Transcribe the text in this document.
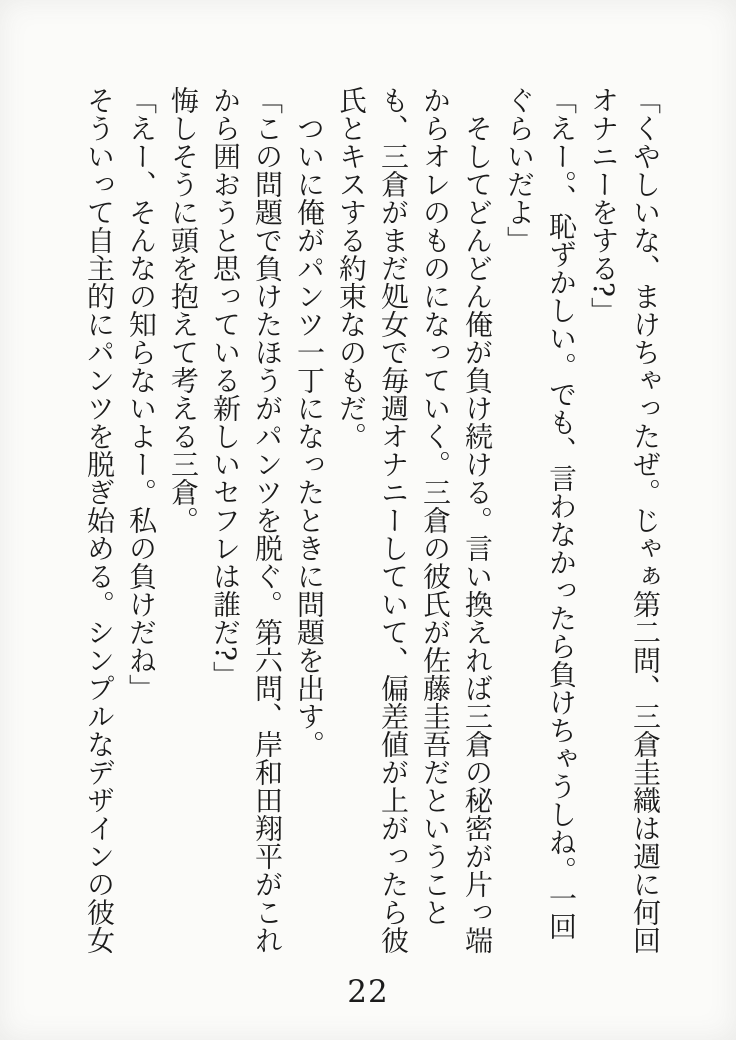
「くやしいな、まけちゃったぜ。じゃぁ第二問、三倉圭織は週に何回オナニーをする?」

「えー。、恥ずかしい。でも、言わなかったら負けちゃうしね。一回ぐらいだよ」

そしてどんどん俺が負け続ける。言い換えれば三倉の秘密が片っ端からオレのものになっていく。三倉の彼氏が佐藤圭吾だということも、三倉がまだ処女で毎週オナニーしていて、偏差値が上がったら彼氏とキスする約束なのもだ。

ついに俺がパンツ一丁になったときに問題を出す。

「この問題で負けたほうがパンツを脱ぐ。第六問、岸和田翔平がこれから囲おうと思っている新しいセフレは誰だ?」

悔しそうに頭を抱えて考える三倉。

「えー、そんなの知らないよー。私の負けだね」

そういって自主的にパンツを脱ぎ始める。シンプルなデザインの彼女

22
